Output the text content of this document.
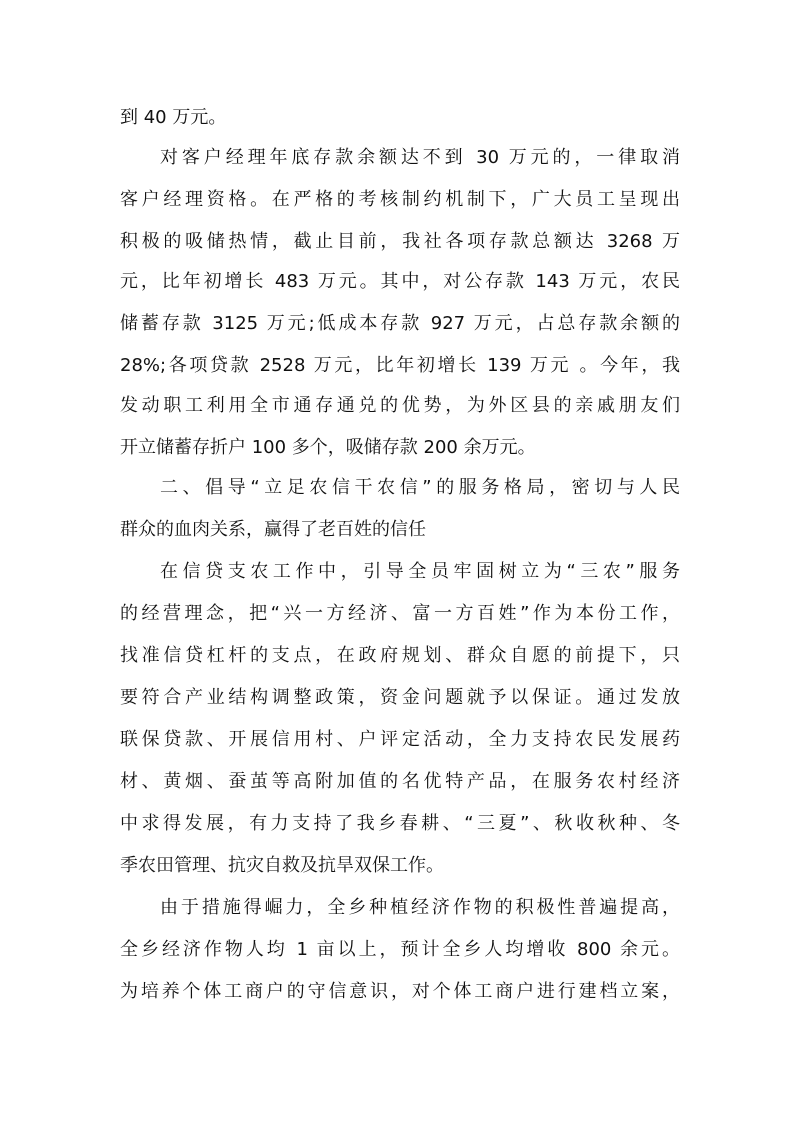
到 40 万元。
对客户经理年底存款余额达不到 30 万元的，一律取消
客户经理资格。在严格的考核制约机制下，广大员工呈现出
积极的吸储热情，截止目前，我社各项存款总额达 3268 万
元，比年初增长 483 万元。其中，对公存款 143 万元，农民
储蓄存款 3125 万元;低成本存款 927 万元，占总存款余额的
28%;各项贷款 2528 万元，比年初增长 139 万元 。今年，我
发动职工利用全市通存通兑的优势，为外区县的亲戚朋友们
开立储蓄存折户 100 多个，吸储存款 200 余万元。
二、倡导“立足农信干农信”的服务格局，密切与人民
群众的血肉关系，赢得了老百姓的信任
在信贷支农工作中，引导全员牢固树立为“三农”服务
的经营理念，把“兴一方经济、富一方百姓”作为本份工作，
找准信贷杠杆的支点，在政府规划、群众自愿的前提下，只
要符合产业结构调整政策，资金问题就予以保证。通过发放
联保贷款、开展信用村、户评定活动，全力支持农民发展药
材、黄烟、蚕茧等高附加值的名优特产品，在服务农村经济
中求得发展，有力支持了我乡春耕、“三夏”、秋收秋种、冬
季农田管理、抗灾自救及抗旱双保工作。
由于措施得崛力，全乡种植经济作物的积极性普遍提高，
全乡经济作物人均 1 亩以上，预计全乡人均增收 800 余元。
为培养个体工商户的守信意识，对个体工商户进行建档立案，
